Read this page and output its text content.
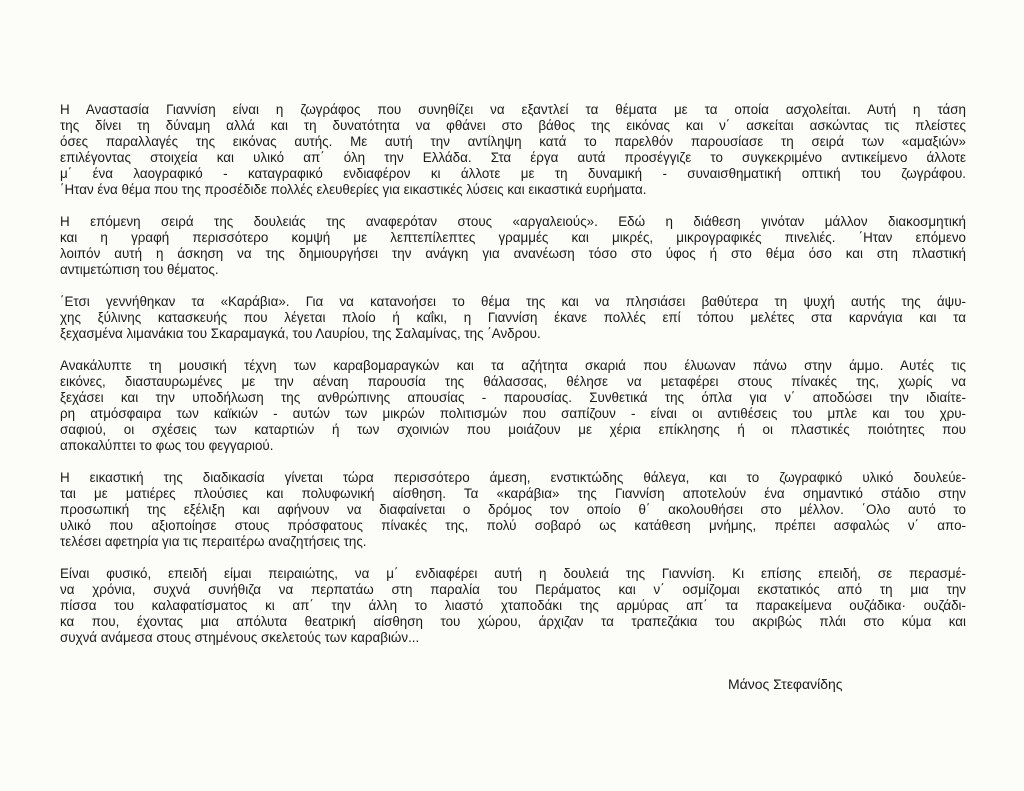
Η Αναστασία Γιαννίση είναι η ζωγράφος που συνηθίζει να εξαντλεί τα θέματα με τα οποία ασχολείται. Αυτή η τάση
της δίνει τη δύναμη αλλά και τη δυνατότητα να φθάνει στο βάθος της εικόνας και ν΄ ασκείται ασκώντας τις πλείστες
όσες παραλλαγές της εικόνας αυτής. Με αυτή την αντίληψη κατά το παρελθόν παρουσίασε τη σειρά των «αμαξιών»
επιλέγοντας στοιχεία και υλικό απ΄ όλη την Ελλάδα. Στα έργα αυτά προσέγγιζε το συγκεκριμένο αντικείμενο άλλοτε
μ΄ ένα λαογραφικό - καταγραφικό ενδιαφέρον κι άλλοτε με τη δυναμική - συναισθηματική οπτική του ζωγράφου.
΄Ηταν ένα θέμα που της προσέδιδε πολλές ελευθερίες για εικαστικές λύσεις και εικαστικά ευρήματα.
Η επόμενη σειρά της δουλειάς της αναφερόταν στους «αργαλειούς». Εδώ η διάθεση γινόταν μάλλον διακοσμητική
και η γραφή περισσότερο κομψή με λεπτεπίλεπτες γραμμές και μικρές, μικρογραφικές πινελιές. ΄Ηταν επόμενο
λοιπόν αυτή η άσκηση να της δημιουργήσει την ανάγκη για ανανέωση τόσο στο ύφος ή στο θέμα όσο και στη πλαστική
αντιμετώπιση του θέματος.
΄Ετσι γεννήθηκαν τα «Καράβια». Για να κατανοήσει το θέμα της και να πλησιάσει βαθύτερα τη ψυχή αυτής της άψυ-
χης ξύλινης κατασκευής που λέγεται πλοίο ή καΐκι, η Γιαννίση έκανε πολλές επί τόπου μελέτες στα καρνάγια και τα
ξεχασμένα λιμανάκια του Σκαραμαγκά, του Λαυρίου, της Σαλαμίνας, της ΄Ανδρου.
Ανακάλυπτε τη μουσική τέχνη των καραβομαραγκών και τα αζήτητα σκαριά που έλυωναν πάνω στην άμμο. Αυτές τις
εικόνες, διασταυρωμένες με την αέναη παρουσία της θάλασσας, θέλησε να μεταφέρει στους πίνακές της, χωρίς να
ξεχάσει και την υποδήλωση της ανθρώπινης απουσίας - παρουσίας. Συνθετικά της όπλα για ν΄ αποδώσει την ιδιαίτε-
ρη ατμόσφαιρα των καϊκιών - αυτών των μικρών πολιτισμών που σαπίζουν - είναι οι αντιθέσεις του μπλε και του χρυ-
σαφιού, οι σχέσεις των καταρτιών ή των σχοινιών που μοιάζουν με χέρια επίκλησης ή οι πλαστικές ποιότητες που
αποκαλύπτει το φως του φεγγαριού.
Η εικαστική της διαδικασία γίνεται τώρα περισσότερο άμεση, ενστικτώδης θάλεγα, και το ζωγραφικό υλικό δουλεύε-
ται με ματιέρες πλούσιες και πολυφωνική αίσθηση. Τα «καράβια» της Γιαννίση αποτελούν ένα σημαντικό στάδιο στην
προσωπική της εξέλιξη και αφήνουν να διαφαίνεται ο δρόμος τον οποίο θ΄ ακολουθήσει στο μέλλον. ΄Ολο αυτό το
υλικό που αξιοποίησε στους πρόσφατους πίνακές της, πολύ σοβαρό ως κατάθεση μνήμης, πρέπει ασφαλώς ν΄ απο-
τελέσει αφετηρία για τις περαιτέρω αναζητήσεις της.
Είναι φυσικό, επειδή είμαι πειραιώτης, να μ΄ ενδιαφέρει αυτή η δουλειά της Γιαννίση. Κι επίσης επειδή, σε περασμέ-
να χρόνια, συχνά συνήθιζα να περπατάω στη παραλία του Περάματος και ν΄ οσμίζομαι εκστατικός από τη μια την
πίσσα του καλαφατίσματος κι απ΄ την άλλη το λιαστό χταποδάκι της αρμύρας απ΄ τα παρακείμενα ουζάδικα· ουζάδι-
κα που, έχοντας μια απόλυτα θεατρική αίσθηση του χώρου, άρχιζαν τα τραπεζάκια του ακριβώς πλάι στο κύμα και
συχνά ανάμεσα στους στημένους σκελετούς των καραβιών...
Μάνος Στεφανίδης
